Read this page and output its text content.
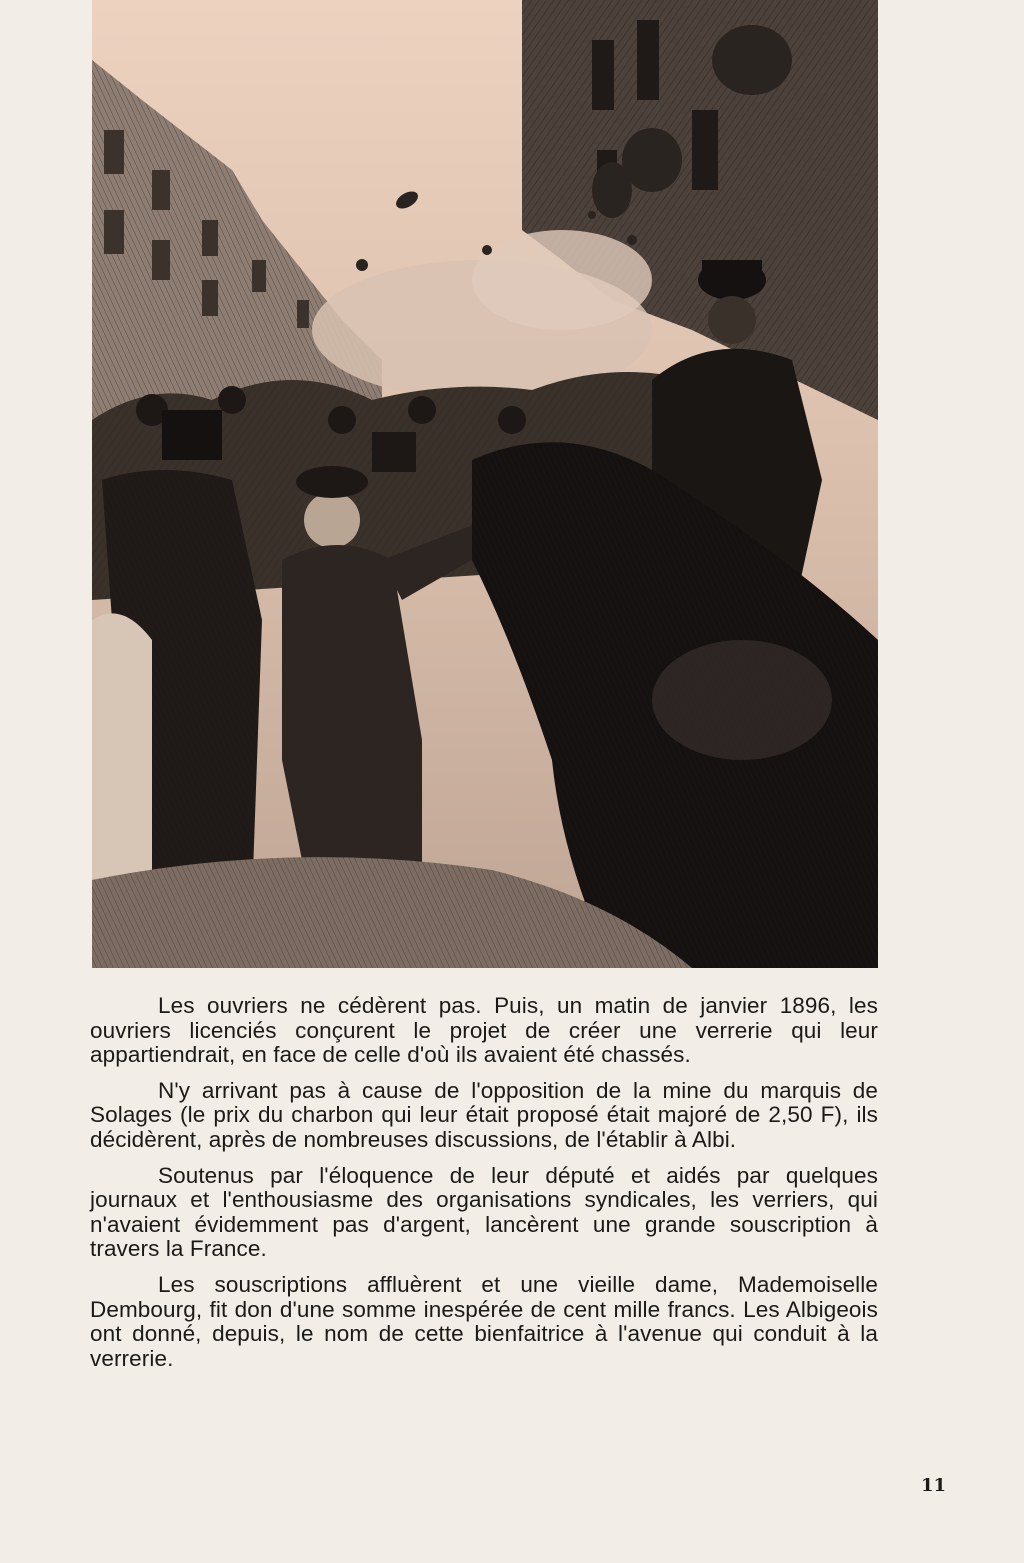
Les ouvriers ne cédèrent pas. Puis, un matin de janvier 1896, les ouvriers licenciés conçurent le projet de créer une verrerie qui leur appartiendrait, en face de celle d'où ils avaient été chassés.

N'y arrivant pas à cause de l'opposition de la mine du marquis de Solages (le prix du charbon qui leur était proposé était majoré de 2,50 F), ils décidèrent, après de nombreuses discussions, de l'établir à Albi.

Soutenus par l'éloquence de leur député et aidés par quelques journaux et l'enthousiasme des organisations syndicales, les verriers, qui n'avaient évidemment pas d'argent, lancèrent une grande souscription à travers la France.

Les souscriptions affluèrent et une vieille dame, Mademoiselle Dembourg, fit don d'une somme inespérée de cent mille francs. Les Albigeois ont donné, depuis, le nom de cette bienfaitrice à l'avenue qui conduit à la verrerie.

11
